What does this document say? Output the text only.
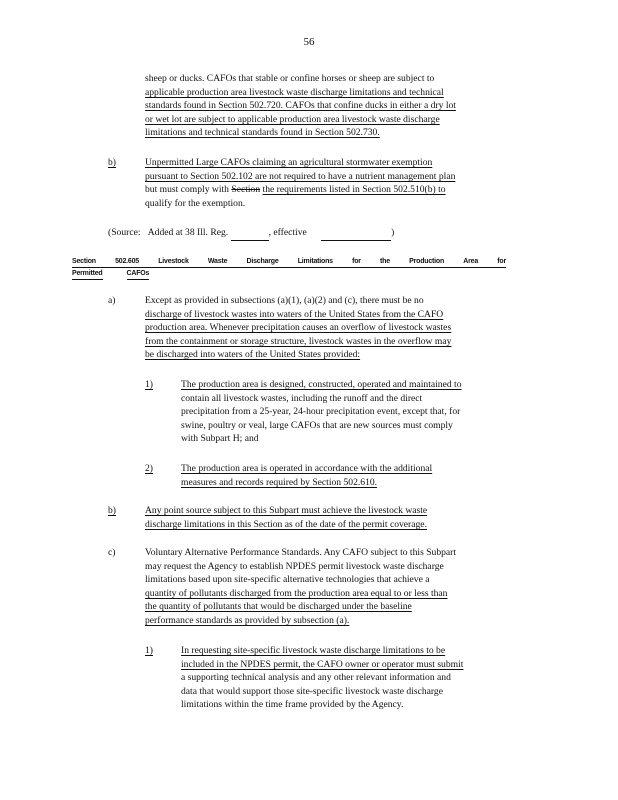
56
sheep or ducks. CAFOs that stable or confine horses or sheep are subject to
applicable production area livestock waste discharge limitations and technical
standards found in Section 502.720. CAFOs that confine ducks in either a dry lot
or wet lot are subject to applicable production area livestock waste discharge
limitations and technical standards found in Section 502.730.
b)	Unpermitted Large CAFOs claiming an agricultural stormwater exemption
pursuant to Section 502.102 are not required to have a nutrient management plan
but must comply with Section the requirements listed in Section 502.510(b) to
qualify for the exemption.
(Source: Added at 38 Ill. Reg.	, effective	)
Section	502.605	Livestock	Waste	Discharge	Limitations	for	the	Production	Area	for
Permitted	CAFOs
a)	Except as provided in subsections (a)(1), (a)(2) and (c), there must be no
discharge of livestock wastes into waters of the United States from the CAFO
production area. Whenever precipitation causes an overflow of livestock wastes
from the containment or storage structure, livestock wastes in the overflow may
be discharged into waters of the United States provided:
1)	The production area is designed, constructed, operated and maintained to
contain all livestock wastes, including the runoff and the direct
precipitation from a 25-year, 24-hour precipitation event, except that, for
swine, poultry or veal, large CAFOs that are new sources must comply
with Subpart H; and
2)	The production area is operated in accordance with the additional
measures and records required by Section 502.610.
b)	Any point source subject to this Subpart must achieve the livestock waste
discharge limitations in this Section as of the date of the permit coverage.
c)	Voluntary Alternative Performance Standards. Any CAFO subject to this Subpart
may request the Agency to establish NPDES permit livestock waste discharge
limitations based upon site-specific alternative technologies that achieve a
quantity of pollutants discharged from the production area equal to or less than
the quantity of pollutants that would be discharged under the baseline
performance standards as provided by subsection (a).
1)	In requesting site-specific livestock waste discharge limitations to be
included in the NPDES permit, the CAFO owner or operator must submit
a supporting technical analysis and any other relevant information and
data that would support those site-specific livestock waste discharge
limitations within the time frame provided by the Agency.
